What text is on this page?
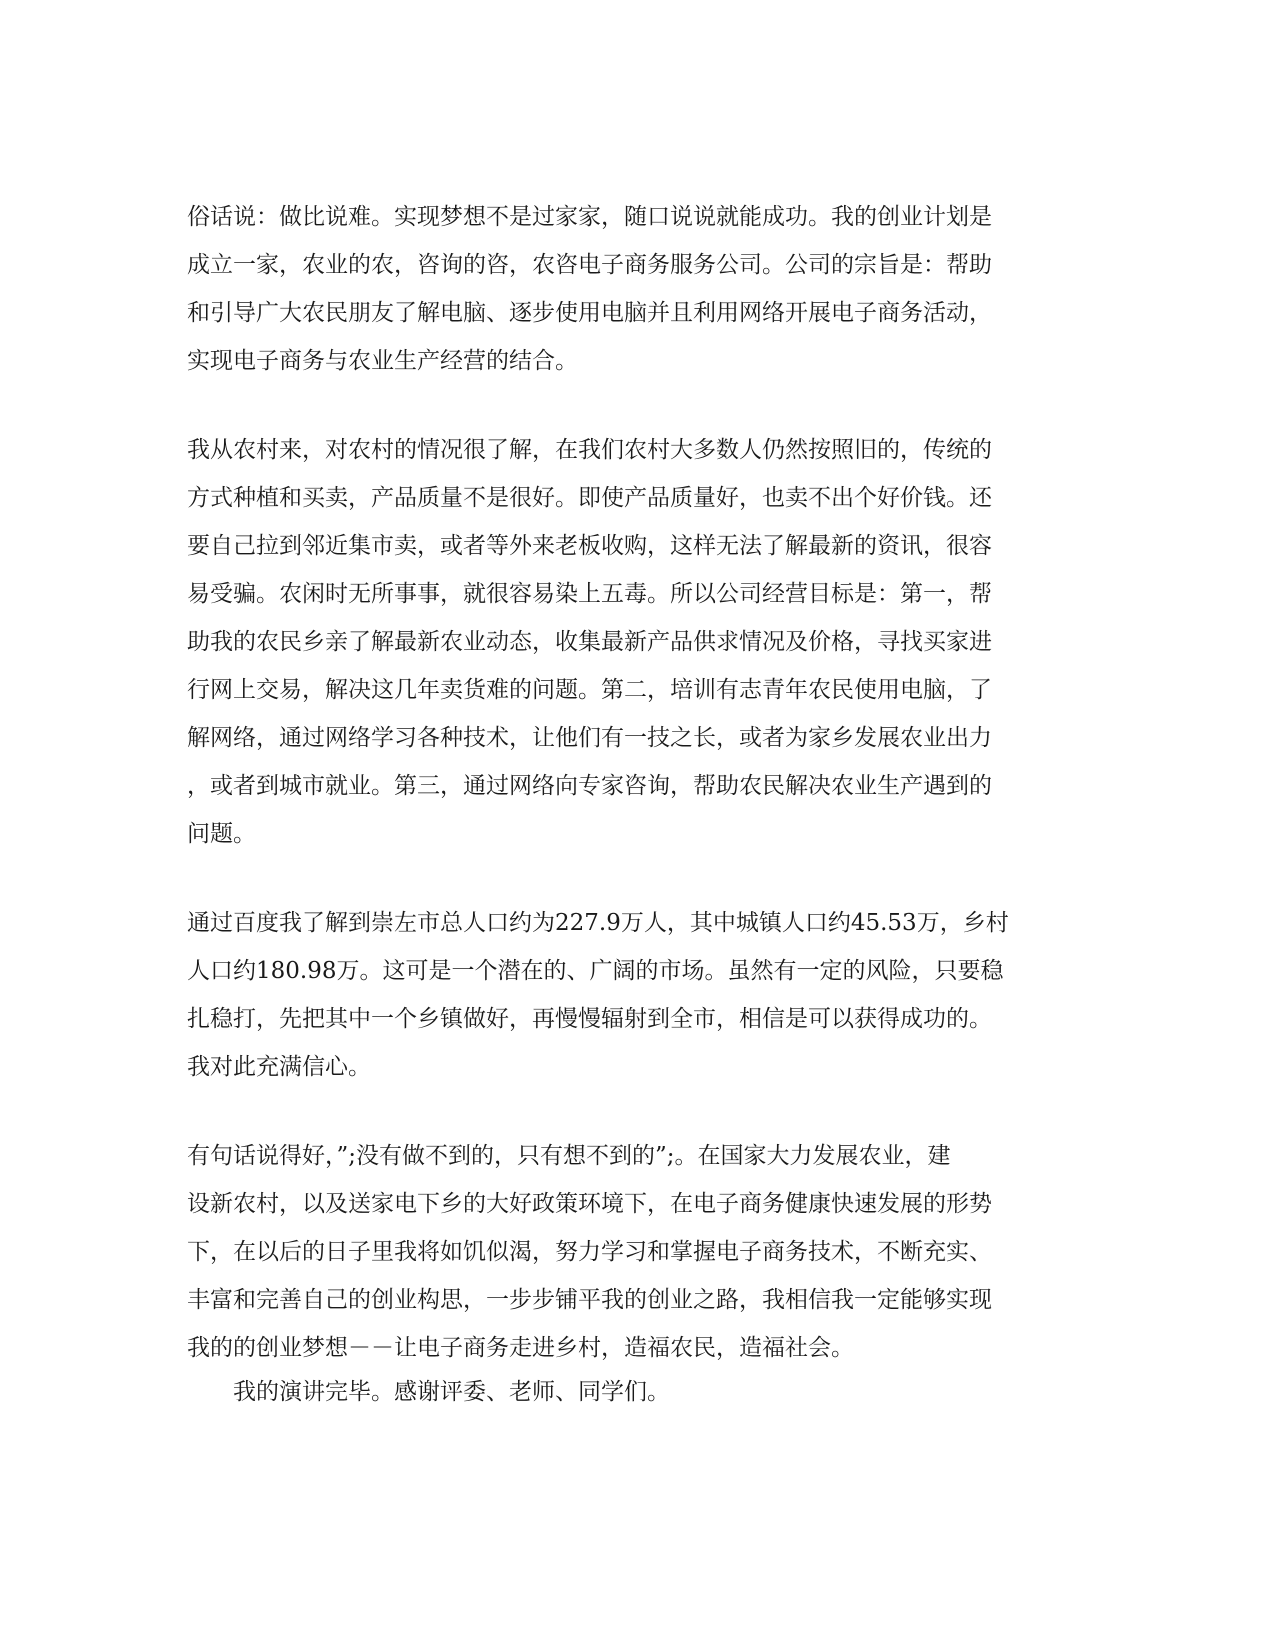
俗话说：做比说难。实现梦想不是过家家，随口说说就能成功。我的创业计划是
成立一家，农业的农，咨询的咨，农咨电子商务服务公司。公司的宗旨是：帮助
和引导广大农民朋友了解电脑、逐步使用电脑并且利用网络开展电子商务活动，
实现电子商务与农业生产经营的结合。
我从农村来，对农村的情况很了解，在我们农村大多数人仍然按照旧的，传统的
方式种植和买卖，产品质量不是很好。即使产品质量好，也卖不出个好价钱。还
要自己拉到邻近集市卖，或者等外来老板收购，这样无法了解最新的资讯，很容
易受骗。农闲时无所事事，就很容易染上五毒。所以公司经营目标是：第一，帮
助我的农民乡亲了解最新农业动态，收集最新产品供求情况及价格，寻找买家进
行网上交易，解决这几年卖货难的问题。第二，培训有志青年农民使用电脑，了
解网络，通过网络学习各种技术，让他们有一技之长，或者为家乡发展农业出力
，或者到城市就业。第三，通过网络向专家咨询，帮助农民解决农业生产遇到的
问题。
通过百度我了解到崇左市总人口约为227.9万人，其中城镇人口约45.53万，乡村
人口约180.98万。这可是一个潜在的、广阔的市场。虽然有一定的风险，只要稳
扎稳打，先把其中一个乡镇做好，再慢慢辐射到全市，相信是可以获得成功的。
我对此充满信心。
有句话说得好，”;没有做不到的，只有想不到的”;。在国家大力发展农业，建
设新农村，以及送家电下乡的大好政策环境下，在电子商务健康快速发展的形势
下，在以后的日子里我将如饥似渴，努力学习和掌握电子商务技术，不断充实、
丰富和完善自己的创业构思，一步步铺平我的创业之路，我相信我一定能够实现
我的的创业梦想－－让电子商务走进乡村，造福农民，造福社会。
我的演讲完毕。感谢评委、老师、同学们。
